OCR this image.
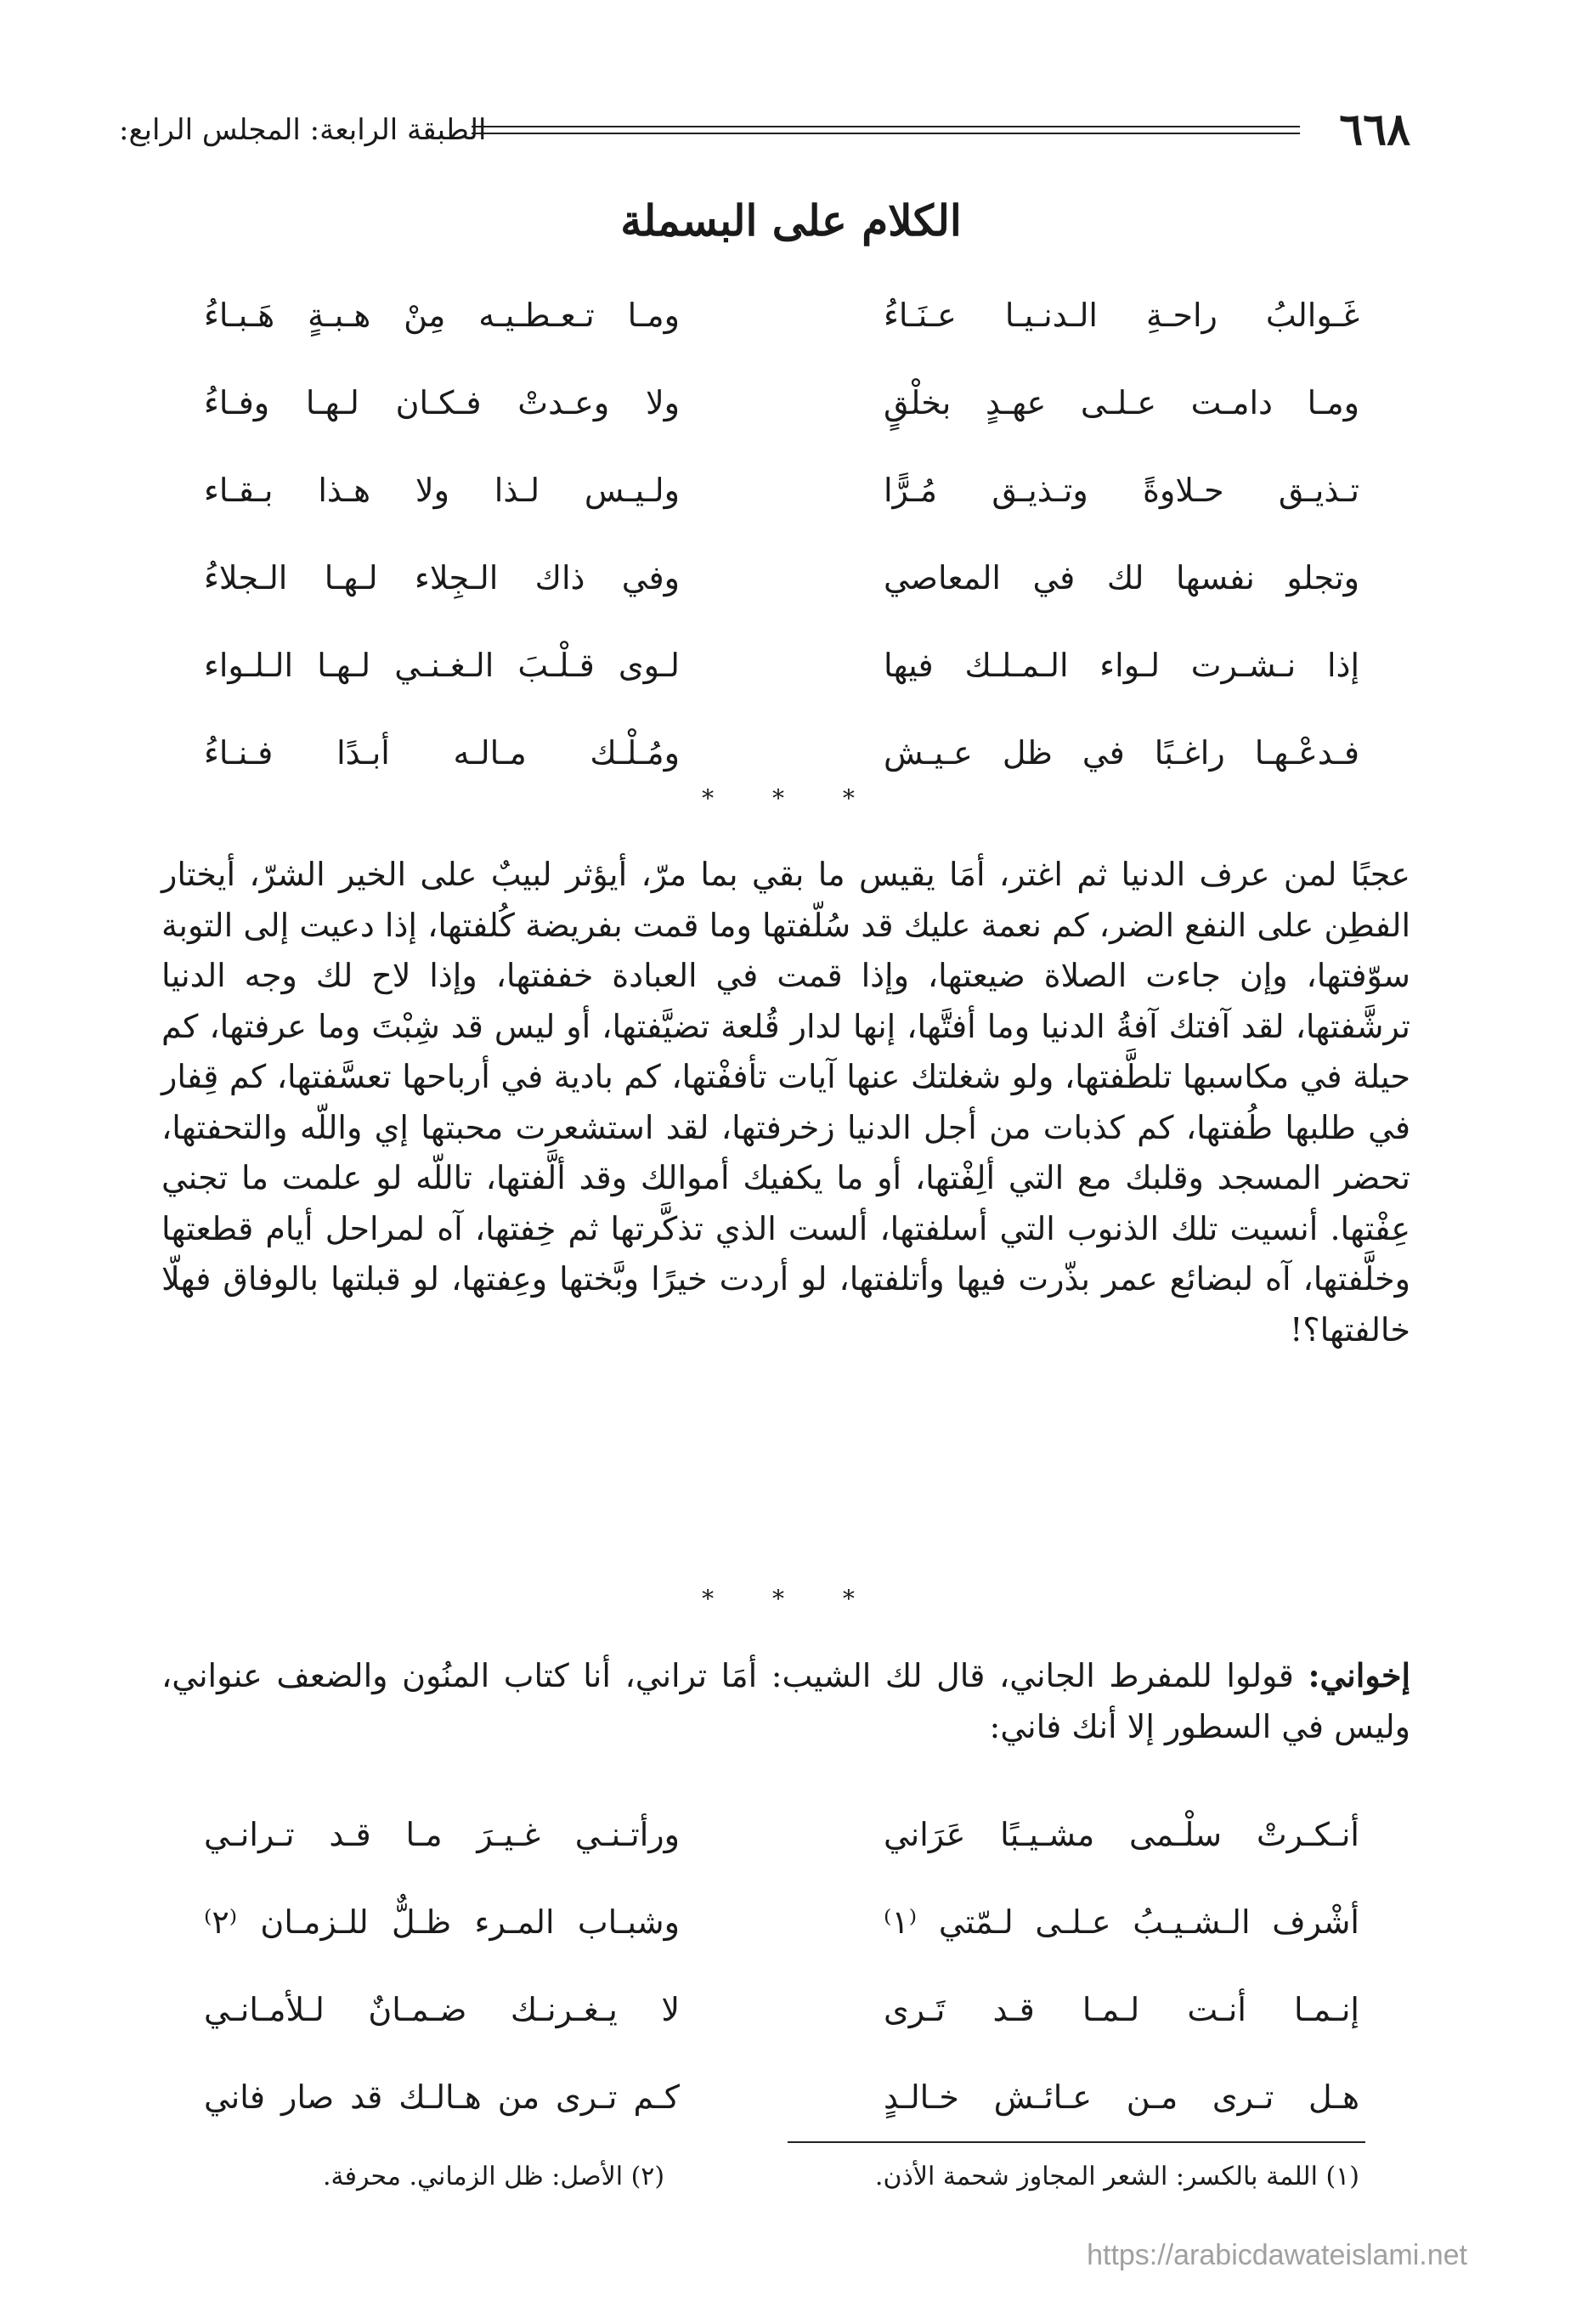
٦٦٨
الطبقة الرابعة: المجلس الرابع:
الكلام على البسملة
غَـوالبُ راحـةِ الـدنـيـا عـنَـاءُ
ومـا تـعـطـيـه مِنْ هـبـةٍ هَـبـاءُ
ومـا دامـت عـلـى عهـدٍ بخلْقٍ
ولا وعـدتْ فـكـان لـهـا وفـاءُ
تـذيـق حـلاوةً وتـذيـق مُـرًّا
ولـيـس لـذا ولا هـذا بـقـاء
وتجلو نفسها لك في المعاصي
وفي ذاك الـجِلاء لـهـا الـجلاءُ
إذا نـشـرت لـواء الـمـلـك فيها
لـوى قـلْـبَ الـغـنـي لـهـا الـلـواء
فـدعْـهـا راغـبًا في ظل عـيـش
ومُـلْـك مـالـه أبـدًا فـنـاءُ
* * *

عجبًا لمن عرف الدنيا ثم اغتر، أمَا يقيس ما بقي بما مرّ، أيؤثر لبيبٌ على الخير الشرّ، أيختار الفطِن على النفع الضر، كم نعمة عليك قد سُلّفتها وما قمت بفريضة كُلفتها، إذا دعيت إلى التوبة سوّفتها، وإن جاءت الصلاة ضيعتها، وإذا قمت في العبادة خففتها، وإذا لاح لك وجه الدنيا ترشَّفتها، لقد آفتك آفةُ الدنيا وما أفتَّها، إنها لدار قُلعة تضيَّفتها، أو ليس قد شِبْتَ وما عرفتها، كم حيلة في مكاسبها تلطَّفتها، ولو شغلتك عنها آيات تأففْتها، كم بادية في أرباحها تعسَّفتها، كم قِفار في طلبها طُفتها، كم كذبات من أجل الدنيا زخرفتها، لقد استشعرت محبتها إي واللّه والتحفتها، تحضر المسجد وقلبك مع التي ألِفْتها، أو ما يكفيك أموالك وقد ألَّفتها، تاللّه لو علمت ما تجني عِفْتها. أنسيت تلك الذنوب التي أسلفتها، ألست الذي تذكَّرتها ثم خِفتها، آه لمراحل أيام قطعتها وخلَّفتها، آه لبضائع عمر بذّرت فيها وأتلفتها، لو أردت خيرًا وبَّختها وعِفتها، لو قبلتها بالوفاق فهلّا خالفتها؟!

* * *

إخواني: قولوا للمفرط الجاني، قال لك الشيب: أمَا تراني، أنا كتاب المنُون والضعف عنواني، وليس في السطور إلا أنك فاني:

أنـكـرتْ سلْـمى مشـيـبًا عَرَاني
ورأتـنـي غـيـرَ مـا قـد تـرانـي
أشْرف الـشـيـبُ عـلـى لـمّتي ⁽١⁾
وشبـاب المـرء ظـلٌّ للـزمـان ⁽٢⁾
إنـمـا أنـت لـمـا قـد تَـرى
لا يـغـرنـك ضـمـانٌ لـلأمـانـي
هـل تـرى مـن عـائـش خـالـدٍ
كـم تـرى من هـالـك قد صار فاني
(١) اللمة بالكسر: الشعر المجاوز شحمة الأذن.
(٢) الأصل: ظل الزماني. محرفة.
https://arabicdawateislami.net
